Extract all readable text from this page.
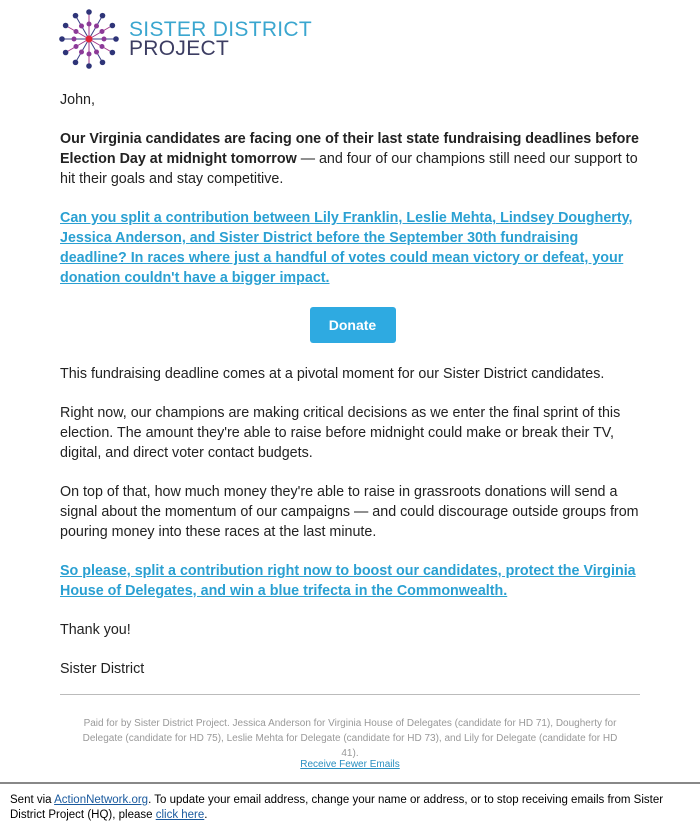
SISTER DISTRICT
PROJECT

John,

Our Virginia candidates are facing one of their last state fundraising deadlines before Election Day at midnight tomorrow — and four of our champions still need our support to hit their goals and stay competitive.

Can you split a contribution between Lily Franklin, Leslie Mehta, Lindsey Dougherty, Jessica Anderson, and Sister District before the September 30th fundraising deadline? In races where just a handful of votes could mean victory or defeat, your donation couldn't have a bigger impact.

Donate

This fundraising deadline comes at a pivotal moment for our Sister District candidates.

Right now, our champions are making critical decisions as we enter the final sprint of this election. The amount they're able to raise before midnight could make or break their TV, digital, and direct voter contact budgets.

On top of that, how much money they're able to raise in grassroots donations will send a signal about the momentum of our campaigns — and could discourage outside groups from pouring money into these races at the last minute.

So please, split a contribution right now to boost our candidates, protect the Virginia House of Delegates, and win a blue trifecta in the Commonwealth.

Thank you!

Sister District

Paid for by Sister District Project. Jessica Anderson for Virginia House of Delegates (candidate for HD 71), Dougherty for Delegate (candidate for HD 75), Leslie Mehta for Delegate (candidate for HD 73), and Lily for Delegate (candidate for HD 41).
Receive Fewer Emails
Sent via ActionNetwork.org. To update your email address, change your name or address, or to stop receiving emails from Sister District Project (HQ), please click here.
